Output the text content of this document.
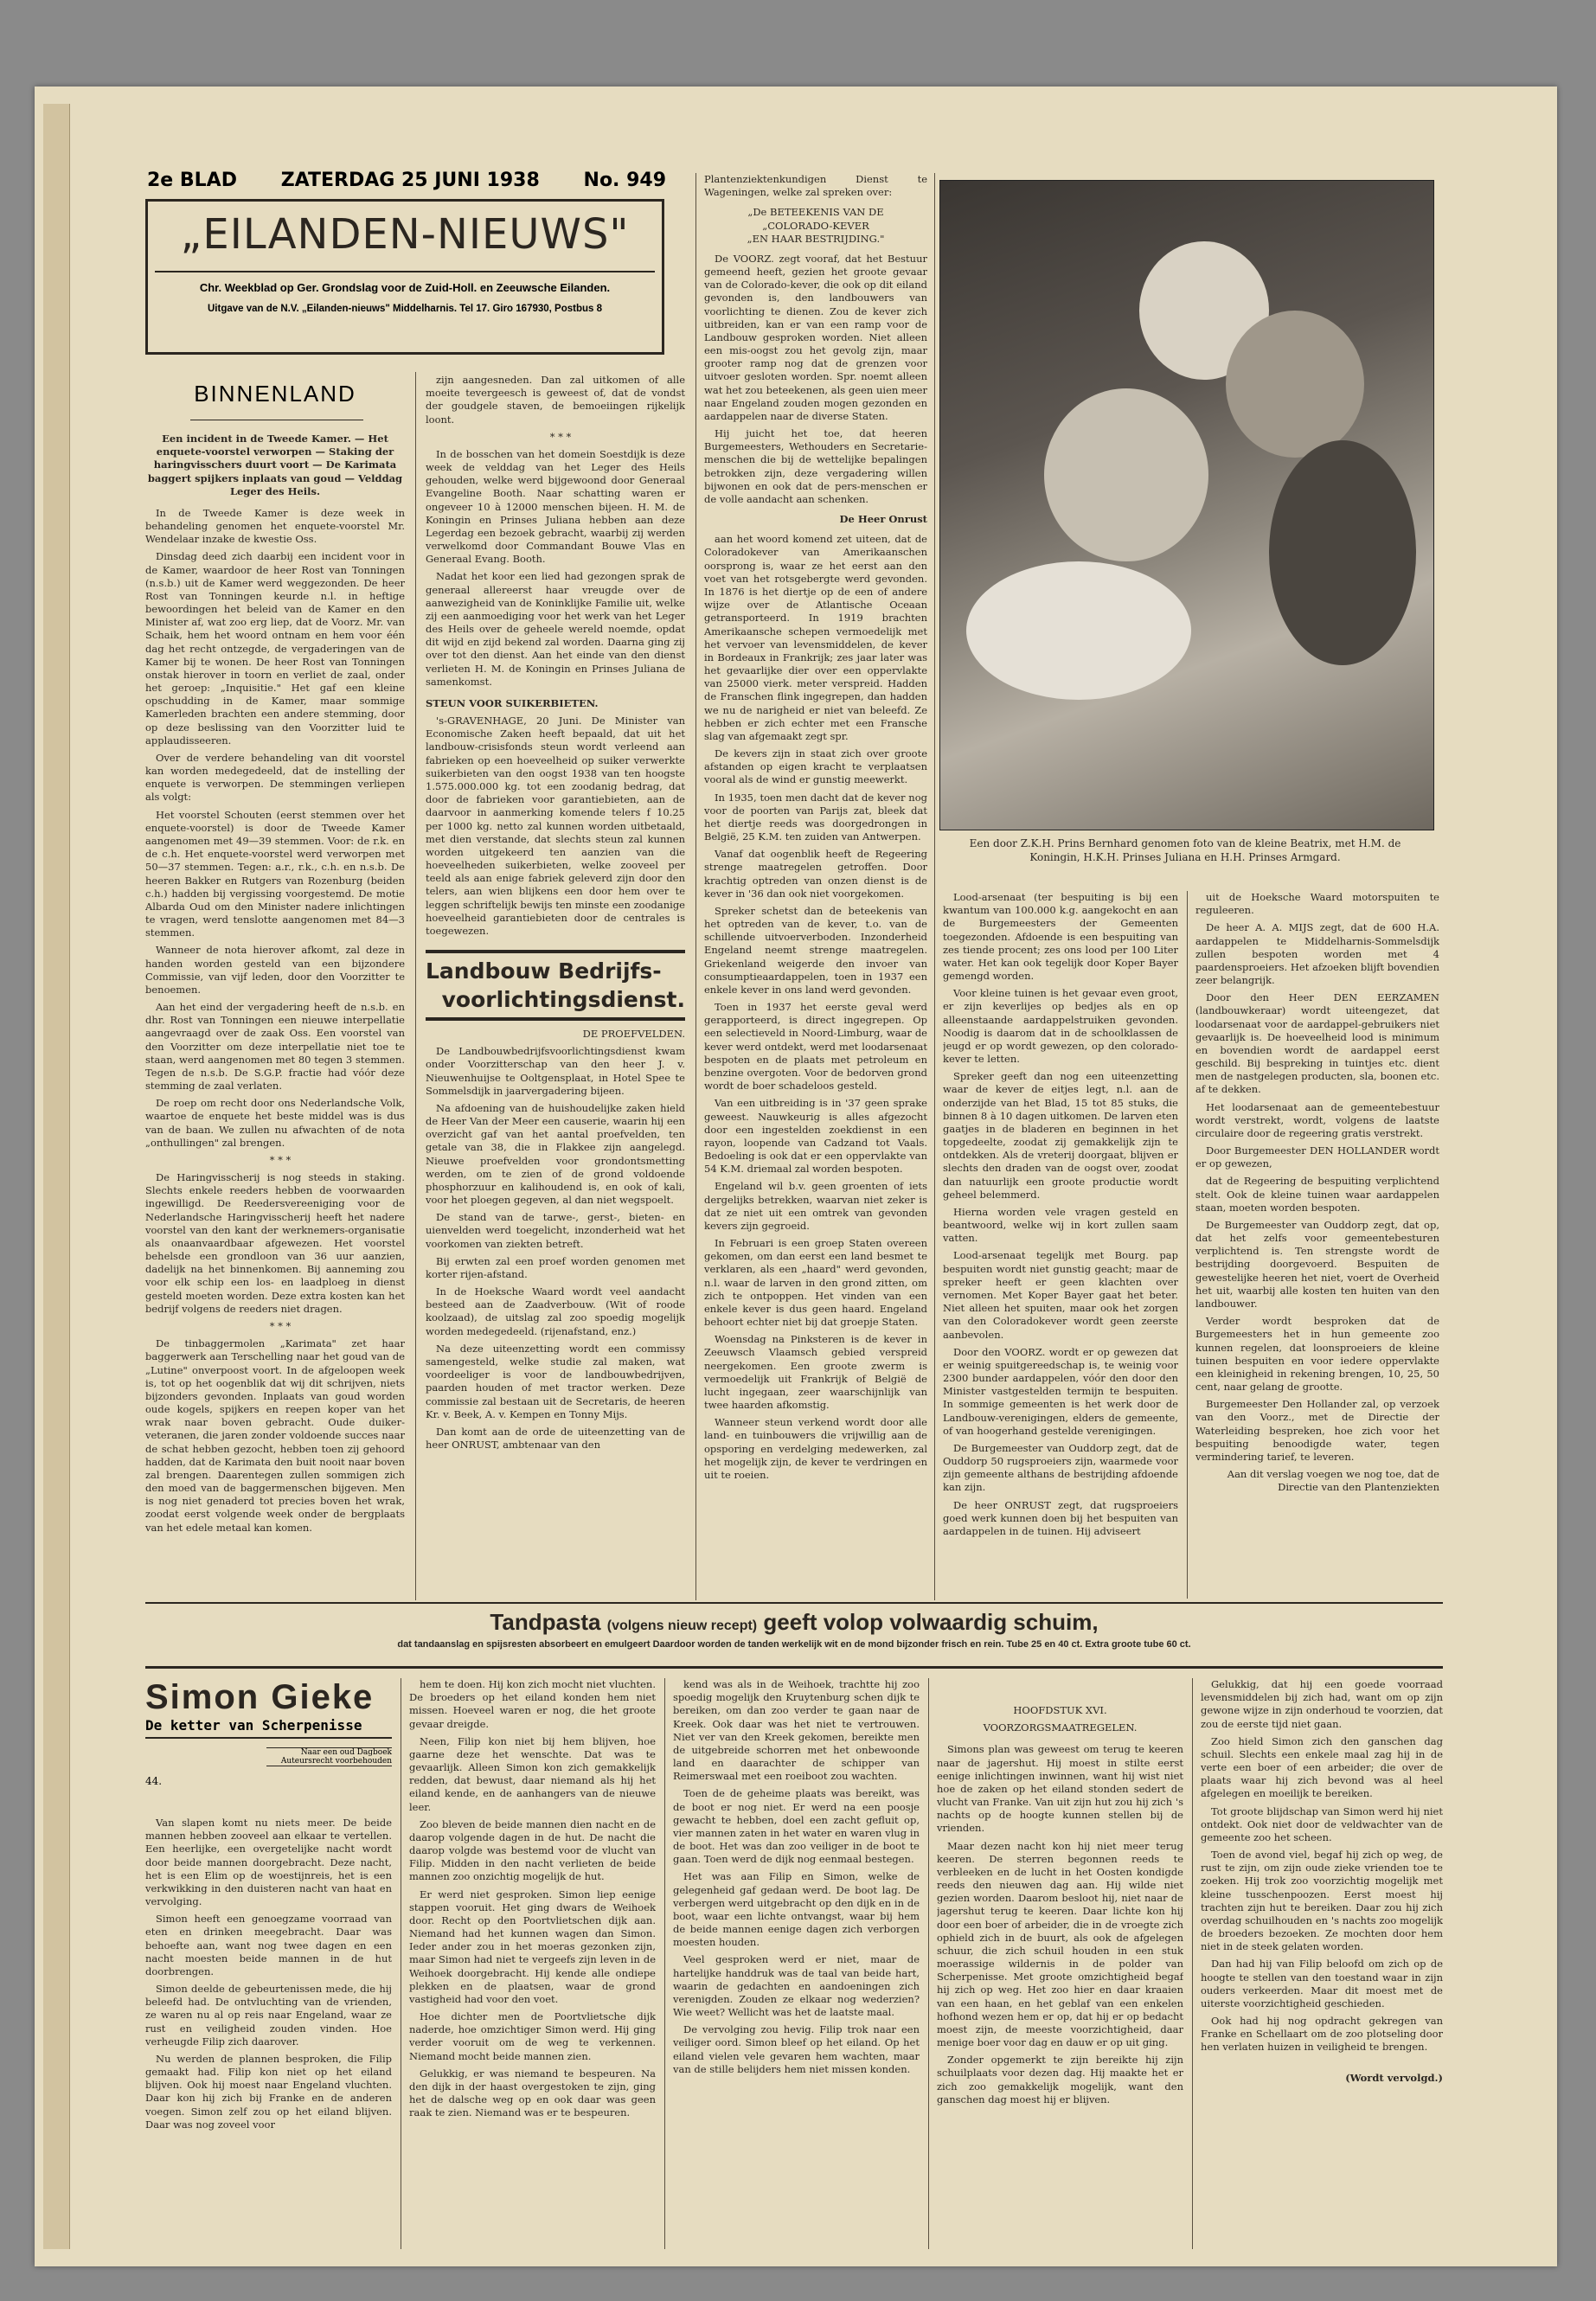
2e BLAD ZATERDAG 25 JUNI 1938 No. 949
„EILANDEN-NIEUWS"
Chr. Weekblad op Ger. Grondslag voor de Zuid-Holl. en Zeeuwsche Eilanden.
Uitgave van de N.V. „Eilanden-nieuws" Middelharnis. Tel 17. Giro 167930, Postbus 8
BINNENLAND

Een incident in de Tweede Kamer. — Het enquete-voorstel verworpen — Staking der haringvisschers duurt voort — De Karimata baggert spijkers inplaats van goud — Velddag Leger des Heils.

In de Tweede Kamer is deze week in behandeling genomen het enquete-voorstel Mr. Wendelaar inzake de kwestie Oss.

Dinsdag deed zich daarbij een incident voor in de Kamer, waardoor de heer Rost van Tonningen (n.s.b.) uit de Kamer werd weggezonden. De heer Rost van Tonningen keurde n.l. in heftige bewoordingen het beleid van de Kamer en den Minister af, wat zoo erg liep, dat de Voorz. Mr. van Schaik, hem het woord ontnam en hem voor één dag het recht ontzegde, de vergaderingen van de Kamer bij te wonen. De heer Rost van Tonningen onstak hierover in toorn en verliet de zaal, onder het geroep: „Inquisitie." Het gaf een kleine opschudding in de Kamer, maar sommige Kamerleden brachten een andere stemming, door op deze beslissing van den Voorzitter luid te applaudisseeren.

Over de verdere behandeling van dit voorstel kan worden medegedeeld, dat de instelling der enquete is verworpen. De stemmingen verliepen als volgt:

Het voorstel Schouten (eerst stemmen over het enquete-voorstel) is door de Tweede Kamer aangenomen met 49—39 stemmen. Voor: de r.k. en de c.h. Het enquete-voorstel werd verworpen met 50—37 stemmen. Tegen: a.r., r.k., c.h. en n.s.b. De heeren Bakker en Rutgers van Rozenburg (beiden c.h.) hadden bij vergissing voorgestemd. De motie Albarda Oud om den Minister nadere inlichtingen te vragen, werd tenslotte aangenomen met 84—3 stemmen.

Wanneer de nota hierover afkomt, zal deze in handen worden gesteld van een bijzondere Commissie, van vijf leden, door den Voorzitter te benoemen.

Aan het eind der vergadering heeft de n.s.b. en dhr. Rost van Tonningen een nieuwe interpellatie aangevraagd over de zaak Oss. Een voorstel van den Voorzitter om deze interpellatie niet toe te staan, werd aangenomen met 80 tegen 3 stemmen. Tegen de n.s.b. De S.G.P. fractie had vóór deze stemming de zaal verlaten.

De roep om recht door ons Nederlandsche Volk, waartoe de enquete het beste middel was is dus van de baan. We zullen nu afwachten of de nota „onthullingen" zal brengen.

* * *

De Haringvisscherij is nog steeds in staking. Slechts enkele reeders hebben de voorwaarden ingewilligd. De Reedersvereeniging voor de Nederlandsche Haringvisscherij heeft het nadere voorstel van den kant der werknemers-organisatie als onaanvaardbaar afgewezen. Het voorstel behelsde een grondloon van 36 uur aanzien, dadelijk na het binnenkomen. Bij aanneming zou voor elk schip een los- en laadploeg in dienst gesteld moeten worden. Deze extra kosten kan het bedrijf volgens de reeders niet dragen.

* * *

De tinbaggermolen „Karimata" zet haar baggerwerk aan Terschelling naar het goud van de „Lutine" onverpoost voort. In de afgeloopen week is, tot op het oogenblik dat wij dit schrijven, niets bijzonders gevonden. Inplaats van goud worden oude kogels, spijkers en reepen koper van het wrak naar boven gebracht. Oude duiker-veteranen, die jaren zonder voldoende succes naar de schat hebben gezocht, hebben toen zij gehoord hadden, dat de Karimata den buit nooit naar boven zal brengen. Daarentegen zullen sommigen zich den moed van de baggermenschen bijgeven. Men is nog niet genaderd tot precies boven het wrak, zoodat eerst volgende week onder de bergplaats van het edele metaal kan komen.

zijn aangesneden. Dan zal uitkomen of alle moeite tevergeesch is geweest of, dat de vondst der goudgele staven, de bemoeiingen rijkelijk loont.

* * *

In de bosschen van het domein Soestdijk is deze week de velddag van het Leger des Heils gehouden, welke werd bijgewoond door Generaal Evangeline Booth. Naar schatting waren er ongeveer 10 à 12000 menschen bijeen. H. M. de Koningin en Prinses Juliana hebben aan deze Legerdag een bezoek gebracht, waarbij zij werden verwelkomd door Commandant Bouwe Vlas en Generaal Evang. Booth.

Nadat het koor een lied had gezongen sprak de generaal allereerst haar vreugde over de aanwezigheid van de Koninklijke Familie uit, welke zij een aanmoediging voor het werk van het Leger des Heils over de geheele wereld noemde, opdat dit wijd en zijd bekend zal worden. Daarna ging zij over tot den dienst. Aan het einde van den dienst verlieten H. M. de Koningin en Prinses Juliana de samenkomst.

STEUN VOOR SUIKERBIETEN.

's-GRAVENHAGE, 20 Juni. De Minister van Economische Zaken heeft bepaald, dat uit het landbouw-crisisfonds steun wordt verleend aan fabrieken op een hoeveelheid op suiker verwerkte suikerbieten van den oogst 1938 van ten hoogste 1.575.000.000 kg. tot een zoodanig bedrag, dat door de fabrieken voor garantiebieten, aan de daarvoor in aanmerking komende telers f 10.25 per 1000 kg. netto zal kunnen worden uitbetaald, met dien verstande, dat slechts steun zal kunnen worden uitgekeerd ten aanzien van die hoeveelheden suikerbieten, welke zooveel per teeld als aan enige fabriek geleverd zijn door den telers, aan wien blijkens een door hem over te leggen schriftelijk bewijs ten minste een zoodanige hoeveelheid garantiebieten door de centrales is toegewezen.

Landbouw Bedrijfs-
voorlichtingsdienst.

DE PROEFVELDEN.

De Landbouwbedrijfsvoorlichtingsdienst kwam onder Voorzitterschap van den heer J. v. Nieuwenhuijse te Ooltgensplaat, in Hotel Spee te Sommelsdijk in jaarvergadering bijeen.

Na afdoening van de huishoudelijke zaken hield de Heer Van der Meer een causerie, waarin hij een overzicht gaf van het aantal proefvelden, ten getale van 38, die in Flakkee zijn aangelegd. Nieuwe proefvelden voor grondontsmetting werden, om te zien of de grond voldoende phosphorzuur en kalihoudend is, en ook of kali, voor het ploegen gegeven, al dan niet wegspoelt.

De stand van de tarwe-, gerst-, bieten- en uienvelden werd toegelicht, inzonderheid wat het voorkomen van ziekten betreft.

Bij erwten zal een proef worden genomen met korter rijen-afstand.

In de Hoeksche Waard wordt veel aandacht besteed aan de Zaadverbouw. (Wit of roode koolzaad), de uitslag zal zoo spoedig mogelijk worden medegedeeld. (rijenafstand, enz.)

Na deze uiteenzetting wordt een commissy samengesteld, welke studie zal maken, wat voordeeliger is voor de landbouwbedrijven, paarden houden of met tractor werken. Deze commissie zal bestaan uit de Secretaris, de heeren Kr. v. Beek, A. v. Kempen en Tonny Mijs.

Dan komt aan de orde de uiteenzetting van de heer ONRUST, ambtenaar van den

Plantenziektenkundigen Dienst te Wageningen, welke zal spreken over:

„De BETEEKENIS VAN DE

„COLORADO-KEVER

„EN HAAR BESTRIJDING."

De VOORZ. zegt vooraf, dat het Bestuur gemeend heeft, gezien het groote gevaar van de Colorado-kever, die ook op dit eiland gevonden is, den landbouwers van voorlichting te dienen. Zou de kever zich uitbreiden, kan er van een ramp voor de Landbouw gesproken worden. Niet alleen een mis-oogst zou het gevolg zijn, maar grooter ramp nog dat de grenzen voor uitvoer gesloten worden. Spr. noemt alleen wat het zou beteekenen, als geen uien meer naar Engeland zouden mogen gezonden en aardappelen naar de diverse Staten.

Hij juicht het toe, dat heeren Burgemeesters, Wethouders en Secretarie-menschen die bij de wettelijke bepalingen betrokken zijn, deze vergadering willen bijwonen en ook dat de pers-menschen er de volle aandacht aan schenken.

De Heer Onrust

aan het woord komend zet uiteen, dat de Coloradokever van Amerikaanschen oorsprong is, waar ze het eerst aan den voet van het rotsgebergte werd gevonden. In 1876 is het diertje op de een of andere wijze over de Atlantische Oceaan getransporteerd. In 1919 brachten Amerikaansche schepen vermoedelijk met het vervoer van levensmiddelen, de kever in Bordeaux in Frankrijk; zes jaar later was het gevaarlijke dier over een oppervlakte van 25000 vierk. meter verspreid. Hadden de Franschen flink ingegrepen, dan hadden we nu de narigheid er niet van beleefd. Ze hebben er zich echter met een Fransche slag van afgemaakt zegt spr.

De kevers zijn in staat zich over groote afstanden op eigen kracht te verplaatsen vooral als de wind er gunstig meewerkt.

In 1935, toen men dacht dat de kever nog voor de poorten van Parijs zat, bleek dat het diertje reeds was doorgedrongen in België, 25 K.M. ten zuiden van Antwerpen.

Vanaf dat oogenblik heeft de Regeering strenge maatregelen getroffen. Door krachtig optreden van onzen dienst is de kever in '36 dan ook niet voorgekomen.

Spreker schetst dan de beteekenis van het optreden van de kever, t.o. van de schillende uitvoerverboden. Inzonderheid Engeland neemt strenge maatregelen. Griekenland weigerde den invoer van consumptieaardappelen, toen in 1937 een enkele kever in ons land werd gevonden.

Toen in 1937 het eerste geval werd gerapporteerd, is direct ingegrepen. Op een selectieveld in Noord-Limburg, waar de kever werd ontdekt, werd met loodarsenaat bespoten en de plaats met petroleum en benzine overgoten. Voor de bedorven grond wordt de boer schadeloos gesteld.

Van een uitbreiding is in '37 geen sprake geweest. Nauwkeurig is alles afgezocht door een ingestelden zoekdienst in een rayon, loopende van Cadzand tot Vaals. Bedoeling is ook dat er een oppervlakte van 54 K.M. driemaal zal worden bespoten.

Engeland wil b.v. geen groenten of iets dergelijks betrekken, waarvan niet zeker is dat ze niet uit een omtrek van gevonden kevers zijn gegroeid.

In Februari is een groep Staten overeen gekomen, om dan eerst een land besmet te verklaren, als een „haard" werd gevonden, n.l. waar de larven in den grond zitten, om zich te ontpoppen. Het vinden van een enkele kever is dus geen haard. Engeland behoort echter niet bij dat groepje Staten.

Woensdag na Pinksteren is de kever in Zeeuwsch Vlaamsch gebied verspreid neergekomen. Een groote zwerm is vermoedelijk uit Frankrijk of België de lucht ingegaan, zeer waarschijnlijk van twee haarden afkomstig.

Wanneer steun verkend wordt door alle land- en tuinbouwers die vrijwillig aan de opsporing en verdelging medewerken, zal het mogelijk zijn, de kever te verdringen en uit te roeien.

Een door Z.K.H. Prins Bernhard genomen foto van de kleine Beatrix, met H.M. de Koningin, H.K.H. Prinses Juliana en H.H. Prinses Armgard.

Lood-arsenaat (ter bespuiting is bij een kwantum van 100.000 k.g. aangekocht en aan de Burgemeesters der Gemeenten toegezonden. Afdoende is een bespuiting van zes tiende procent; zes ons lood per 100 Liter water. Het kan ook tegelijk door Koper Bayer gemengd worden.

Voor kleine tuinen is het gevaar even groot, er zijn keverlijes op bedjes als en op alleenstaande aardappelstruiken gevonden. Noodig is daarom dat in de schoolklassen de jeugd er op wordt gewezen, op den colorado-kever te letten.

Spreker geeft dan nog een uiteenzetting waar de kever de eitjes legt, n.l. aan de onderzijde van het Blad, 15 tot 85 stuks, die binnen 8 à 10 dagen uitkomen. De larven eten gaatjes in de bladeren en beginnen in het topgedeelte, zoodat zij gemakkelijk zijn te ontdekken. Als de vreterij doorgaat, blijven er slechts den draden van de oogst over, zoodat dan natuurlijk een groote productie wordt geheel belemmerd.

Hierna worden vele vragen gesteld en beantwoord, welke wij in kort zullen saam vatten.

Lood-arsenaat tegelijk met Bourg. pap bespuiten wordt niet gunstig geacht; maar de spreker heeft er geen klachten over vernomen. Met Koper Bayer gaat het beter. Niet alleen het spuiten, maar ook het zorgen van den Coloradokever wordt geen zeerste aanbevolen.

Door den VOORZ. wordt er op gewezen dat er weinig spuitgereedschap is, te weinig voor 2300 bunder aardappelen, vóór den door den Minister vastgestelden termijn te bespuiten. In sommige gemeenten is het werk door de Landbouw-verenigingen, elders de gemeente, of van hoogerhand gestelde verenigingen.

De Burgemeester van Ouddorp zegt, dat de Ouddorp 50 rugsproeiers zijn, waarmede voor zijn gemeente althans de bestrijding afdoende kan zijn.

De heer ONRUST zegt, dat rugsproeiers goed werk kunnen doen bij het bespuiten van aardappelen in de tuinen. Hij adviseert

uit de Hoeksche Waard motorspuiten te reguleeren.

De heer A. A. MIJS zegt, dat de 600 H.A. aardappelen te Middelharnis-Sommelsdijk zullen bespoten worden met 4 paardensproeiers. Het afzoeken blijft bovendien zeer belangrijk.

Door den Heer DEN EERZAMEN (landbouwkeraar) wordt uiteengezet, dat loodarsenaat voor de aardappel-gebruikers niet gevaarlijk is. De hoeveelheid lood is minimum en bovendien wordt de aardappel eerst geschild. Bij bespreking in tuintjes etc. dient men de nastgelegen producten, sla, boonen etc. af te dekken.

Het loodarsenaat aan de gemeentebestuur wordt verstrekt, wordt, volgens de laatste circulaire door de regeering gratis verstrekt.

Door Burgemeester DEN HOLLANDER wordt er op gewezen,

dat de Regeering de bespuiting verplichtend stelt. Ook de kleine tuinen waar aardappelen staan, moeten worden bespoten.

De Burgemeester van Ouddorp zegt, dat op, dat het zelfs voor gemeentebesturen verplichtend is. Ten strengste wordt de bestrijding doorgevoerd. Bespuiten de gewestelijke heeren het niet, voert de Overheid het uit, waarbij alle kosten ten huiten van den landbouwer.

Verder wordt besproken dat de Burgemeesters het in hun gemeente zoo kunnen regelen, dat loonsproeiers de kleine tuinen bespuiten en voor iedere oppervlakte een kleinigheid in rekening brengen, 10, 25, 50 cent, naar gelang de grootte.

Burgemeester Den Hollander zal, op verzoek van den Voorz., met de Directie der Waterleiding bespreken, hoe zich voor het bespuiting benoodigde water, tegen vermindering tarief, te leveren.

Aan dit verslag voegen we nog toe, dat de Directie van den Plantenziekten

Tandpasta (volgens nieuw recept) geeft volop volwaardig schuim,
dat tandaanslag en spijsresten absorbeert en emulgeert Daardoor worden de tanden werkelijk wit en de mond bijzonder frisch en rein. Tube 25 en 40 ct. Extra groote tube 60 ct.
Simon Gieke
De ketter van Scherpenisse
Naar een oud Dagboek Auteursrecht voorbehouden
44.

Van slapen komt nu niets meer. De beide mannen hebben zooveel aan elkaar te vertellen. Een heerlijke, een overgetelijke nacht wordt door beide mannen doorgebracht. Deze nacht, het is een Elim op de woestijnreis, het is een verkwikking in den duisteren nacht van haat en vervolging.

Simon heeft een genoegzame voorraad van eten en drinken meegebracht. Daar was behoefte aan, want nog twee dagen en een nacht moesten beide mannen in de hut doorbrengen.

Simon deelde de gebeurtenissen mede, die hij beleefd had. De ontvluchting van de vrienden, ze waren nu al op reis naar Engeland, waar ze rust en veiligheid zouden vinden. Hoe verheugde Filip zich daarover.

Nu werden de plannen besproken, die Filip gemaakt had. Filip kon niet op het eiland blijven. Ook hij moest naar Engeland vluchten. Daar kon hij zich bij Franke en de anderen voegen. Simon zelf zou op het eiland blijven. Daar was nog zoveel voor

hem te doen. Hij kon zich mocht niet vluchten. De broeders op het eiland konden hem niet missen. Hoeveel waren er nog, die het groote gevaar dreigde.

Neen, Filip kon niet bij hem blijven, hoe gaarne deze het wenschte. Dat was te gevaarlijk. Alleen Simon kon zich gemakkelijk redden, dat bewust, daar niemand als hij het eiland kende, en de aanhangers van de nieuwe leer.

Zoo bleven de beide mannen dien nacht en de daarop volgende dagen in de hut. De nacht die daarop volgde was bestemd voor de vlucht van Filip. Midden in den nacht verlieten de beide mannen zoo onzichtig mogelijk de hut.

Er werd niet gesproken. Simon liep eenige stappen vooruit. Het ging dwars de Weihoek door. Recht op den Poortvlietschen dijk aan. Niemand had het kunnen wagen dan Simon. Ieder ander zou in het moeras gezonken zijn, maar Simon had niet te vergeefs zijn leven in de Weihoek doorgebracht. Hij kende alle ondiepe plekken en de plaatsen, waar de grond vastigheid had voor den voet.

Hoe dichter men de Poortvlietsche dijk naderde, hoe omzichtiger Simon werd. Hij ging verder vooruit om de weg te verkennen. Niemand mocht beide mannen zien.

Gelukkig, er was niemand te bespeuren. Na den dijk in der haast overgestoken te zijn, ging het de dalsche weg op en ook daar was geen raak te zien. Niemand was er te bespeuren.

kend was als in de Weihoek, trachtte hij zoo spoedig mogelijk den Kruytenburg schen dijk te bereiken, om dan zoo verder te gaan naar de Kreek. Ook daar was het niet te vertrouwen. Niet ver van den Kreek gekomen, bereikte men de uitgebreide schorren met het onbewoonde land en daarachter de schipper van Reimerswaal met een roeiboot zou wachten.

Toen de de geheime plaats was bereikt, was de boot er nog niet. Er werd na een poosje gewacht te hebben, doel een zacht gefluit op, vier mannen zaten in het water en waren vlug in de boot. Het was dan zoo veiliger in de boot te gaan. Toen werd de dijk nog eenmaal bestegen.

Het was aan Filip en Simon, welke de gelegenheid gaf gedaan werd. De boot lag. De verbergen werd uitgebracht op den dijk en in de boot, waar een lichte ontvangst, waar bij hem de beide mannen eenige dagen zich verborgen moesten houden.

Veel gesproken werd er niet, maar de hartelijke handdruk was de taal van beide hart, waarin de gedachten en aandoeningen zich verenigden. Zouden ze elkaar nog wederzien? Wie weet? Wellicht was het de laatste maal.

De vervolging zou hevig. Filip trok naar een veiliger oord. Simon bleef op het eiland. Op het eiland vielen vele gevaren hem wachten, maar van de stille belijders hem niet missen konden.

HOOFDSTUK XVI.

VOORZORGSMAATREGELEN.

Simons plan was geweest om terug te keeren naar de jagershut. Hij moest in stilte eerst eenige inlichtingen inwinnen, want hij wist niet hoe de zaken op het eiland stonden sedert de vlucht van Franke. Van uit zijn hut zou hij zich 's nachts op de hoogte kunnen stellen bij de vrienden.

Maar dezen nacht kon hij niet meer terug keeren. De sterren begonnen reeds te verbleeken en de lucht in het Oosten kondigde reeds den nieuwen dag aan. Hij wilde niet gezien worden. Daarom besloot hij, niet naar de jagershut terug te keeren. Daar lichte kon hij door een boer of arbeider, die in de vroegte zich ophield zich in de buurt, als ook de afgelegen schuur, die zich schuil houden in een stuk moerassige wildernis in de polder van Scherpenisse. Met groote omzichtigheid begaf hij zich op weg. Het zoo hier en daar kraaien van een haan, en het geblaf van een enkelen hofhond wezen hem er op, dat hij er op bedacht moest zijn, de meeste voorzichtigheid, daar menige boer voor dag en dauw er op uit ging.

Zonder opgemerkt te zijn bereikte hij zijn schuilplaats voor dezen dag. Hij maakte het er zich zoo gemakkelijk mogelijk, want den ganschen dag moest hij er blijven.

Gelukkig, dat hij een goede voorraad levensmiddelen bij zich had, want om op zijn gewone wijze in zijn onderhoud te voorzien, dat zou de eerste tijd niet gaan.

Zoo hield Simon zich den ganschen dag schuil. Slechts een enkele maal zag hij in de verte een boer of een arbeider; die over de plaats waar hij zich bevond was al heel afgelegen en moeilijk te bereiken.

Tot groote blijdschap van Simon werd hij niet ontdekt. Ook niet door de veldwachter van de gemeente zoo het scheen.

Toen de avond viel, begaf hij zich op weg, de rust te zijn, om zijn oude zieke vrienden toe te zoeken. Hij trok zoo voorzichtig mogelijk met kleine tusschenpoozen. Eerst moest hij trachten zijn hut te bereiken. Daar zou hij zich overdag schuilhouden en 's nachts zoo mogelijk de broeders bezoeken. Ze mochten door hem niet in de steek gelaten worden.

Dan had hij van Filip beloofd om zich op de hoogte te stellen van den toestand waar in zijn ouders verkeerden. Maar dit moest met de uiterste voorzichtigheid geschieden.

Ook had hij nog opdracht gekregen van Franke en Schellaart om de zoo plotseling door hen verlaten huizen in veiligheid te brengen.

(Wordt vervolgd.)
